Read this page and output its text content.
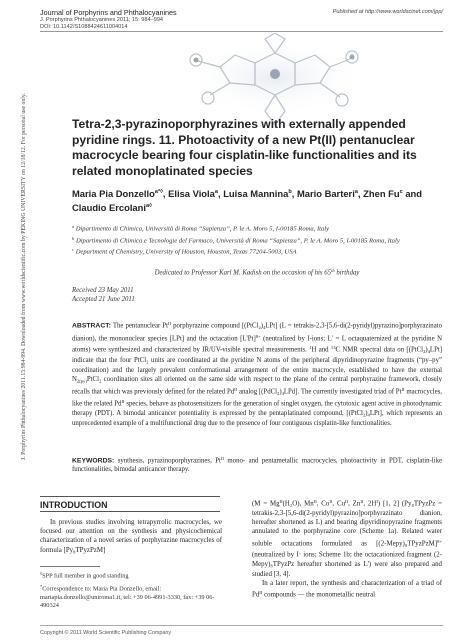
Journal of Porphyrins and Phthalocyanines
J. Porphyrins Phthalocyanines 2011; 15: 984–994
DOI: 10.1142/S1088424611004014
Published at http://www.worldscinet.com/jpp/
Tetra-2,3-pyrazinoporphyrazines with externally appended pyridine rings. 11. Photoactivity of a new Pt(II) pentanuclear macrocycle bearing four cisplatin-like functionalities and its related monoplatinated species
Maria Pia Donzello$^{a*◊}$, Elisa Viola$^a$, Luisa Mannina$^b$, Mario Barteri$^a$, Zhen Fu$^c$ and Claudio Ercolani$^{a◊}$
$^a$ Dipartimento di Chimica, Università di Roma “Sapienza”, P. le A. Moro 5, I-00185 Roma, Italy
$^b$ Dipartimento di Chimica e Tecnologie del Farmaco, Università di Roma “Sapienza”, P. le A. Moro 5, I-00185 Roma, Italy
$^c$ Department of Chemistry, University of Houston, Houston, Texas 77204-5003, USA
Dedicated to Professor Karl M. Kadish on the occasion of his 65th birthday
Received 23 May 2011
Accepted 21 June 2011
ABSTRACT: The pentanuclear $Pt^{II}$ porphyrazine compound $[(PtCl_2)_4LPt] (L$ = tetrakis-2,3-[5,6-di(2-pyridyl)pyrazino]porphyrazinato dianion), the mononuclear species [LPt] and the octacation $[L'Pt]^{8+}$ (neutralized by I-ions; L' = L octaquaternized at the pyridine N atoms) were synthesized and characterized by IR/UV-visible spectral measurements. $^1$H and $^{13}$C NMR spectral data on $[(PtCl_2)_4LPt]$ indicate that the four PtCl$_2$ units are coordinated at the pyridine N atoms of the peripheral dipyridinopyrazine fragments (“py–py” coordination) and the largely prevalent conformational arrangement of the entire macrocycle, established to have the external $N_{2(py)}PtCl_2$ coordination sites all oriented on the same side with respect to the plane of the central porphyrazine framework, closely recalls that which was previously defined for the related $Pd^{II}$ analog $[(PdCl_2)_4LPd]$. The currently investigated triad of $Pt^{II}$ macrocycles, like the related $Pd^{II}$ species, behave as photosensitizers for the generation of singlet oxygen, the cytotoxic agent active in photodynamic therapy (PDT). A bimodal anticancer potentiality is expressed by the pentaplatinated compound, $[(PtCl_2)_4LPt]$, which represents an unprecedented example of a multifunctional drug due to the presence of four contiguous cisplatin-like functionalities.
KEYWORDS: synthesis, pyrazinoporphyrazines, $Pt^{II}$ mono- and pentametallic macrocycles, photoactivity in PDT, cisplatin-like functionalities, bimodal anticancer therapy.
J. Porphyrins Phthalocyanines 2011.15:984-994. Downloaded from www.worldscientific.com by PEKING UNIVERSITY on 12/18/12. For personal use only.
INTRODUCTION
In previous studies involving tetrapyrrolic macrocycles, we focused our attention on the synthesis and physicochemical characterization of a novel series of porphyrazine macrocycles of formula $[Py_8TPyzPzM]$
◊SPP full member in good standing
*Correspondence to: Maria Pia Donzello, email: mariapia.donzello@uniroma1.it, tel: +39 06-4991-3330, fax: +39 06-490324

($M = Mg^{II}(H_2O)$, $Mn^{II}$, $Co^{II}$, $Cu^{II}$, $Zn^{II}$, $2H^I$) [1, 2] (Py₈TPyzPz = tetrakis-2,3-[5,6-di(2-pyridyl)pyrazino]porphyrazinato dianion, hereafter shortened as L) and bearing dipyridinopyrazine fragments annulated to the porphyrazine core (Scheme 1a). Related water soluble octacations formulated as [(2-Mepy)₈TPyzPzM]$^{8+}$ (neutralized by I– ions; Scheme 1b; the octacationized fragment (2-Mepy)₈TPyzPz hereafter shortened as L') were also prepared and studied [3, 4].

In a later report, the synthesis and characterization of a triad of $Pd^{II}$ compounds — the monometallic neutral

Copyright © 2011 World Scientific Publishing Company
